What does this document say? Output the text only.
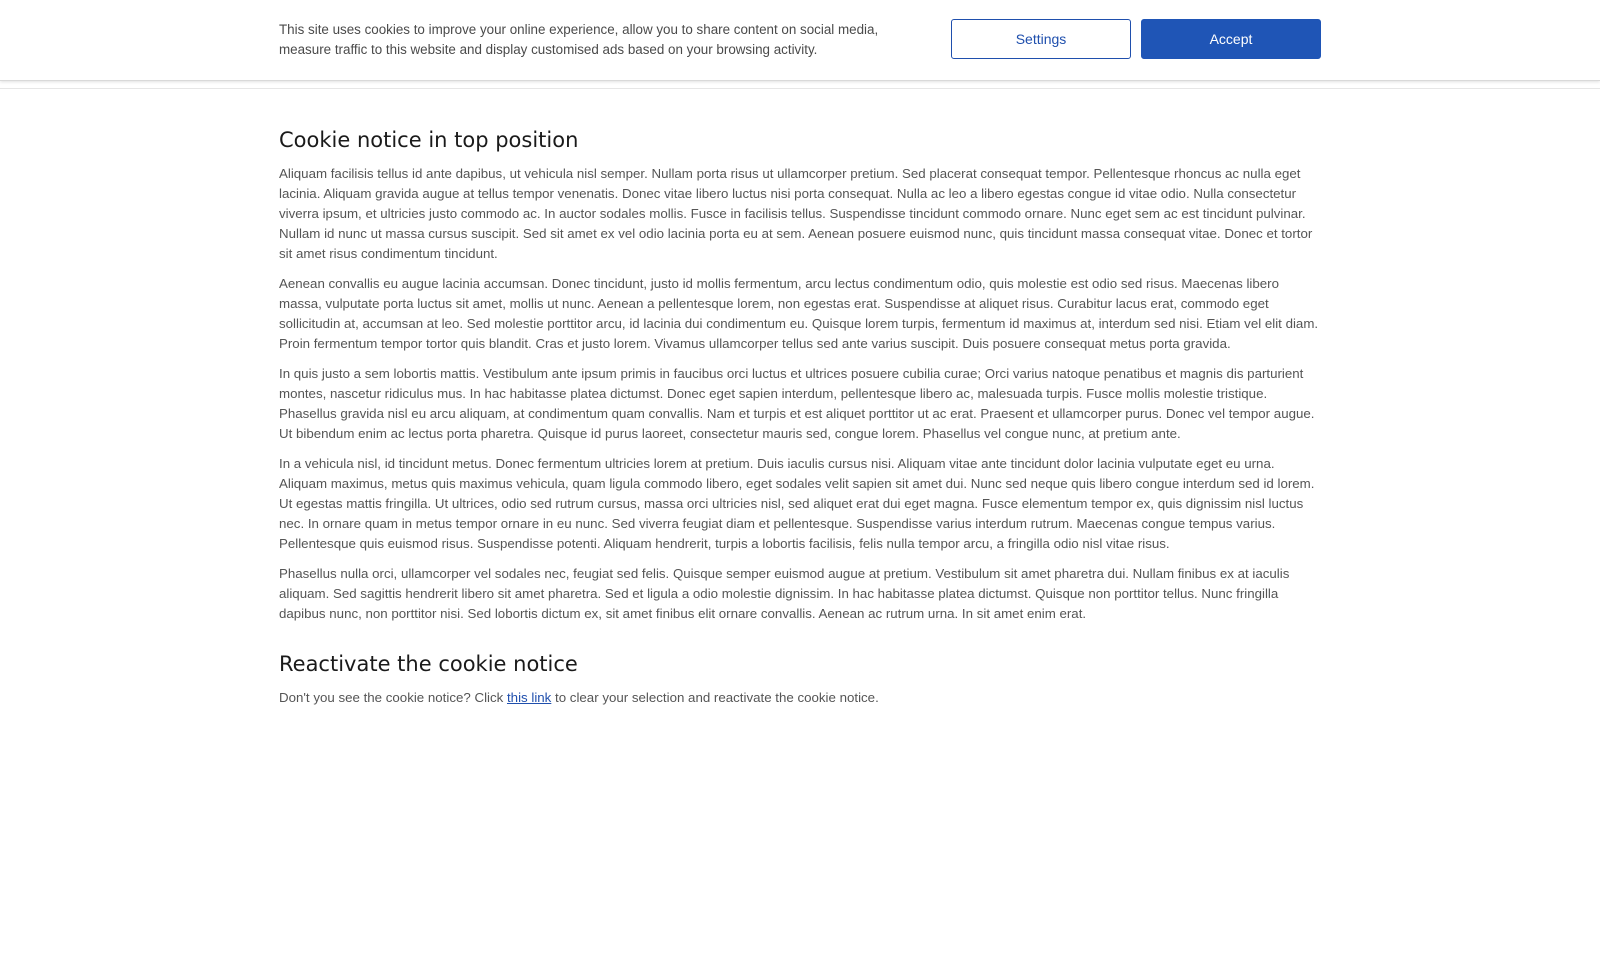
This site uses cookies to improve your online experience, allow you to share content on social media, measure traffic to this website and display customised ads based on your browsing activity.

Settings	Accept
Cookie notice in top position

Aliquam facilisis tellus id ante dapibus, ut vehicula nisl semper. Nullam porta risus ut ullamcorper pretium. Sed placerat consequat tempor. Pellentesque rhoncus ac nulla eget lacinia. Aliquam gravida augue at tellus tempor venenatis. Donec vitae libero luctus nisi porta consequat. Nulla ac leo a libero egestas congue id vitae odio. Nulla consectetur viverra ipsum, et ultricies justo commodo ac. In auctor sodales mollis. Fusce in facilisis tellus. Suspendisse tincidunt commodo ornare. Nunc eget sem ac est tincidunt pulvinar. Nullam id nunc ut massa cursus suscipit. Sed sit amet ex vel odio lacinia porta eu at sem. Aenean posuere euismod nunc, quis tincidunt massa consequat vitae. Donec et tortor sit amet risus condimentum tincidunt.

Aenean convallis eu augue lacinia accumsan. Donec tincidunt, justo id mollis fermentum, arcu lectus condimentum odio, quis molestie est odio sed risus. Maecenas libero massa, vulputate porta luctus sit amet, mollis ut nunc. Aenean a pellentesque lorem, non egestas erat. Suspendisse at aliquet risus. Curabitur lacus erat, commodo eget sollicitudin at, accumsan at leo. Sed molestie porttitor arcu, id lacinia dui condimentum eu. Quisque lorem turpis, fermentum id maximus at, interdum sed nisi. Etiam vel elit diam. Proin fermentum tempor tortor quis blandit. Cras et justo lorem. Vivamus ullamcorper tellus sed ante varius suscipit. Duis posuere consequat metus porta gravida.

In quis justo a sem lobortis mattis. Vestibulum ante ipsum primis in faucibus orci luctus et ultrices posuere cubilia curae; Orci varius natoque penatibus et magnis dis parturient montes, nascetur ridiculus mus. In hac habitasse platea dictumst. Donec eget sapien interdum, pellentesque libero ac, malesuada turpis. Fusce mollis molestie tristique. Phasellus gravida nisl eu arcu aliquam, at condimentum quam convallis. Nam et turpis et est aliquet porttitor ut ac erat. Praesent et ullamcorper purus. Donec vel tempor augue. Ut bibendum enim ac lectus porta pharetra. Quisque id purus laoreet, consectetur mauris sed, congue lorem. Phasellus vel congue nunc, at pretium ante.

In a vehicula nisl, id tincidunt metus. Donec fermentum ultricies lorem at pretium. Duis iaculis cursus nisi. Aliquam vitae ante tincidunt dolor lacinia vulputate eget eu urna. Aliquam maximus, metus quis maximus vehicula, quam ligula commodo libero, eget sodales velit sapien sit amet dui. Nunc sed neque quis libero congue interdum sed id lorem. Ut egestas mattis fringilla. Ut ultrices, odio sed rutrum cursus, massa orci ultricies nisl, sed aliquet erat dui eget magna. Fusce elementum tempor ex, quis dignissim nisl luctus nec. In ornare quam in metus tempor ornare in eu nunc. Sed viverra feugiat diam et pellentesque. Suspendisse varius interdum rutrum. Maecenas congue tempus varius. Pellentesque quis euismod risus. Suspendisse potenti. Aliquam hendrerit, turpis a lobortis facilisis, felis nulla tempor arcu, a fringilla odio nisl vitae risus.

Phasellus nulla orci, ullamcorper vel sodales nec, feugiat sed felis. Quisque semper euismod augue at pretium. Vestibulum sit amet pharetra dui. Nullam finibus ex at iaculis aliquam. Sed sagittis hendrerit libero sit amet pharetra. Sed et ligula a odio molestie dignissim. In hac habitasse platea dictumst. Quisque non porttitor tellus. Nunc fringilla dapibus nunc, non porttitor nisi. Sed lobortis dictum ex, sit amet finibus elit ornare convallis. Aenean ac rutrum urna. In sit amet enim erat.

Reactivate the cookie notice

Don't you see the cookie notice? Click this link to clear your selection and reactivate the cookie notice.
